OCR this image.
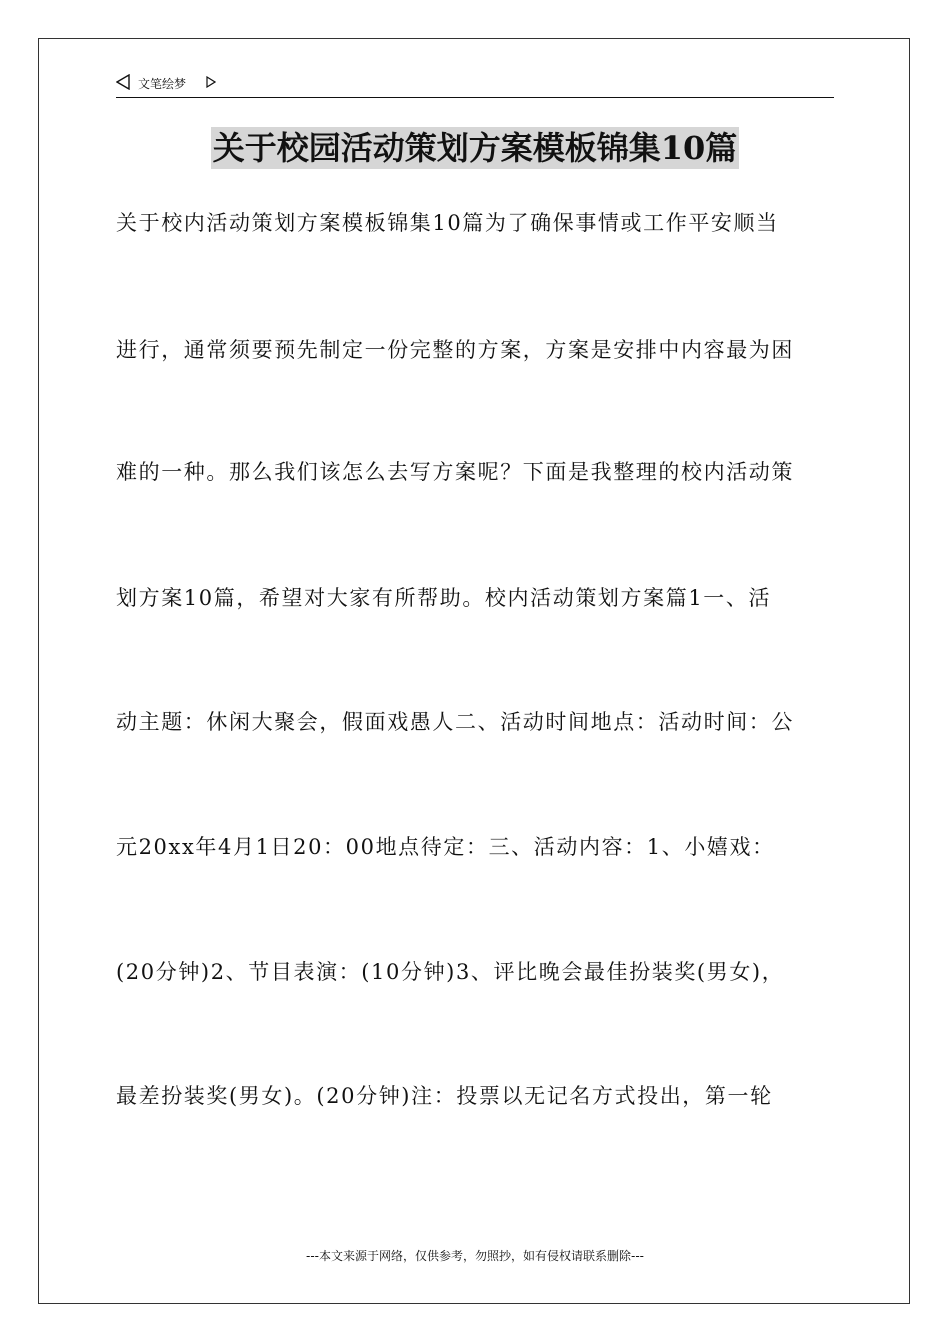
文笔绘梦
关于校园活动策划方案模板锦集10篇
关于校内活动策划方案模板锦集10篇为了确保事情或工作平安顺当
进行，通常须要预先制定一份完整的方案，方案是安排中内容最为困
难的一种。那么我们该怎么去写方案呢？下面是我整理的校内活动策
划方案10篇，希望对大家有所帮助。校内活动策划方案篇1一、活
动主题：休闲大聚会，假面戏愚人二、活动时间地点：活动时间：公
元20xx年4月1日20：00地点待定：三、活动内容：1、小嬉戏：
(20分钟)2、节目表演：(10分钟)3、评比晚会最佳扮装奖(男女)，
最差扮装奖(男女)。(20分钟)注：投票以无记名方式投出，第一轮
---本文来源于网络，仅供参考，勿照抄，如有侵权请联系删除---
